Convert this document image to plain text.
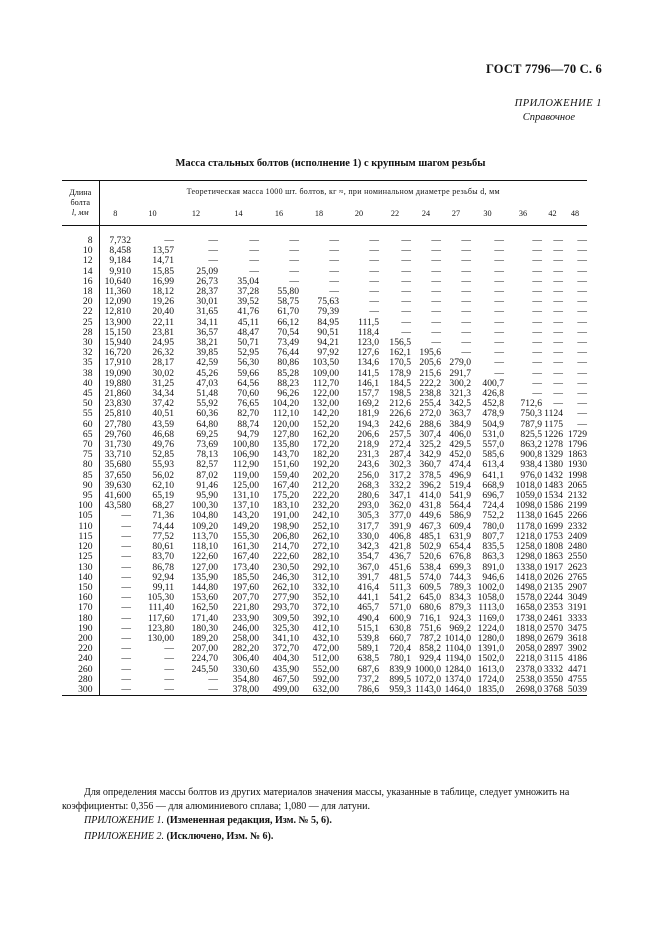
ГОСТ 7796—70 С. 6
ПРИЛОЖЕНИЕ 1
Справочное
Масса стальных болтов (исполнение 1) с крупным шагом резьбы
Длина
болта
l, мм	Теоретическая масса 1000 шт. болтов, кг ≈, при номинальном диаметре резьбы d, мм													
	8	10	12	14	16	18	20	22	24	27	30	36	42	48

8	7,732	—	—	—	—	—	—	—	—	—	—	—	—	—
10	8,458	13,57	—	—	—	—	—	—	—	—	—	—	—	—
12	9,184	14,71	—	—	—	—	—	—	—	—	—	—	—	—
14	9,910	15,85	25,09	—	—	—	—	—	—	—	—	—	—	—
16	10,640	16,99	26,73	35,04	—	—	—	—	—	—	—	—	—	—
18	11,360	18,12	28,37	37,28	55,80	—	—	—	—	—	—	—	—	—
20	12,090	19,26	30,01	39,52	58,75	75,63	—	—	—	—	—	—	—	—
22	12,810	20,40	31,65	41,76	61,70	79,39	—	—	—	—	—	—	—	—
25	13,900	22,11	34,11	45,11	66,12	84,95	111,5	—	—	—	—	—	—	—
28	15,150	23,81	36,57	48,47	70,54	90,51	118,4	—	—	—	—	—	—	—
30	15,940	24,95	38,21	50,71	73,49	94,21	123,0	156,5	—	—	—	—	—	—
32	16,720	26,32	39,85	52,95	76,44	97,92	127,6	162,1	195,6	—	—	—	—	—
35	17,910	28,17	42,59	56,30	80,86	103,50	134,6	170,5	205,6	279,0	—	—	—	—
38	19,090	30,02	45,26	59,66	85,28	109,00	141,5	178,9	215,6	291,7	—	—	—	—
40	19,880	31,25	47,03	64,56	88,23	112,70	146,1	184,5	222,2	300,2	400,7	—	—	—
45	21,860	34,34	51,48	70,60	96,26	122,00	157,7	198,5	238,8	321,3	426,8	—	—	—
50	23,830	37,42	55,92	76,65	104,20	132,00	169,2	212,6	255,4	342,5	452,8	712,6	—	—
55	25,810	40,51	60,36	82,70	112,10	142,20	181,9	226,6	272,0	363,7	478,9	750,3	1124	—
60	27,780	43,59	64,80	88,74	120,00	152,20	194,3	242,6	288,6	384,9	504,9	787,9	1175	—
65	29,760	46,68	69,25	94,79	127,80	162,20	206,6	257,5	307,4	406,0	531,0	825,5	1226	1729
70	31,730	49,76	73,69	100,80	135,80	172,20	218,9	272,4	325,2	429,5	557,0	863,2	1278	1796
75	33,710	52,85	78,13	106,90	143,70	182,20	231,3	287,4	342,9	452,0	585,6	900,8	1329	1863
80	35,680	55,93	82,57	112,90	151,60	192,20	243,6	302,3	360,7	474,4	613,4	938,4	1380	1930
85	37,650	56,02	87,02	119,00	159,40	202,20	256,0	317,2	378,5	496,9	641,1	976,0	1432	1998
90	39,630	62,10	91,46	125,00	167,40	212,20	268,3	332,2	396,2	519,4	668,9	1018,0	1483	2065
95	41,600	65,19	95,90	131,10	175,20	222,20	280,6	347,1	414,0	541,9	696,7	1059,0	1534	2132
100	43,580	68,27	100,30	137,10	183,10	232,20	293,0	362,0	431,8	564,4	724,4	1098,0	1586	2199
105	—	71,36	104,80	143,20	191,00	242,10	305,3	377,0	449,6	586,9	752,2	1138,0	1645	2266
110	—	74,44	109,20	149,20	198,90	252,10	317,7	391,9	467,3	609,4	780,0	1178,0	1699	2332
115	—	77,52	113,70	155,30	206,80	262,10	330,0	406,8	485,1	631,9	807,7	1218,0	1753	2409
120	—	80,61	118,10	161,30	214,70	272,10	342,3	421,8	502,9	654,4	835,5	1258,0	1808	2480
125	—	83,70	122,60	167,40	222,60	282,10	354,7	436,7	520,6	676,8	863,3	1298,0	1863	2550
130	—	86,78	127,00	173,40	230,50	292,10	367,0	451,6	538,4	699,3	891,0	1338,0	1917	2623
140	—	92,94	135,90	185,50	246,30	312,10	391,7	481,5	574,0	744,3	946,6	1418,0	2026	2765
150	—	99,11	144,80	197,60	262,10	332,10	416,4	511,3	609,5	789,3	1002,0	1498,0	2135	2907
160	—	105,30	153,60	207,70	277,90	352,10	441,1	541,2	645,0	834,3	1058,0	1578,0	2244	3049
170	—	111,40	162,50	221,80	293,70	372,10	465,7	571,0	680,6	879,3	1113,0	1658,0	2353	3191
180	—	117,60	171,40	233,90	309,50	392,10	490,4	600,9	716,1	924,3	1169,0	1738,0	2461	3333
190	—	123,80	180,30	246,00	325,30	412,10	515,1	630,8	751,6	969,2	1224,0	1818,0	2570	3475
200	—	130,00	189,20	258,00	341,10	432,10	539,8	660,7	787,2	1014,0	1280,0	1898,0	2679	3618
220	—	—	207,00	282,20	372,70	472,00	589,1	720,4	858,2	1104,0	1391,0	2058,0	2897	3902
240	—	—	224,70	306,40	404,30	512,00	638,5	780,1	929,4	1194,0	1502,0	2218,0	3115	4186
260	—	—	245,50	330,60	435,90	552,00	687,6	839,9	1000,0	1284,0	1613,0	2378,0	3332	4471
280	—	—	—	354,80	467,50	592,00	737,2	899,5	1072,0	1374,0	1724,0	2538,0	3550	4755
300	—	—	—	378,00	499,00	632,00	786,6	959,3	1143,0	1464,0	1835,0	2698,0	3768	5039
Для определения массы болтов из других материалов значения массы, указанные в таблице, следует умножить на коэффициенты: 0,356 — для алюминиевого сплава; 1,080 — для латуни.
ПРИЛОЖЕНИЕ 1. (Измененная редакция, Изм. № 5, 6).
ПРИЛОЖЕНИЕ 2. (Исключено, Изм. № 6).
